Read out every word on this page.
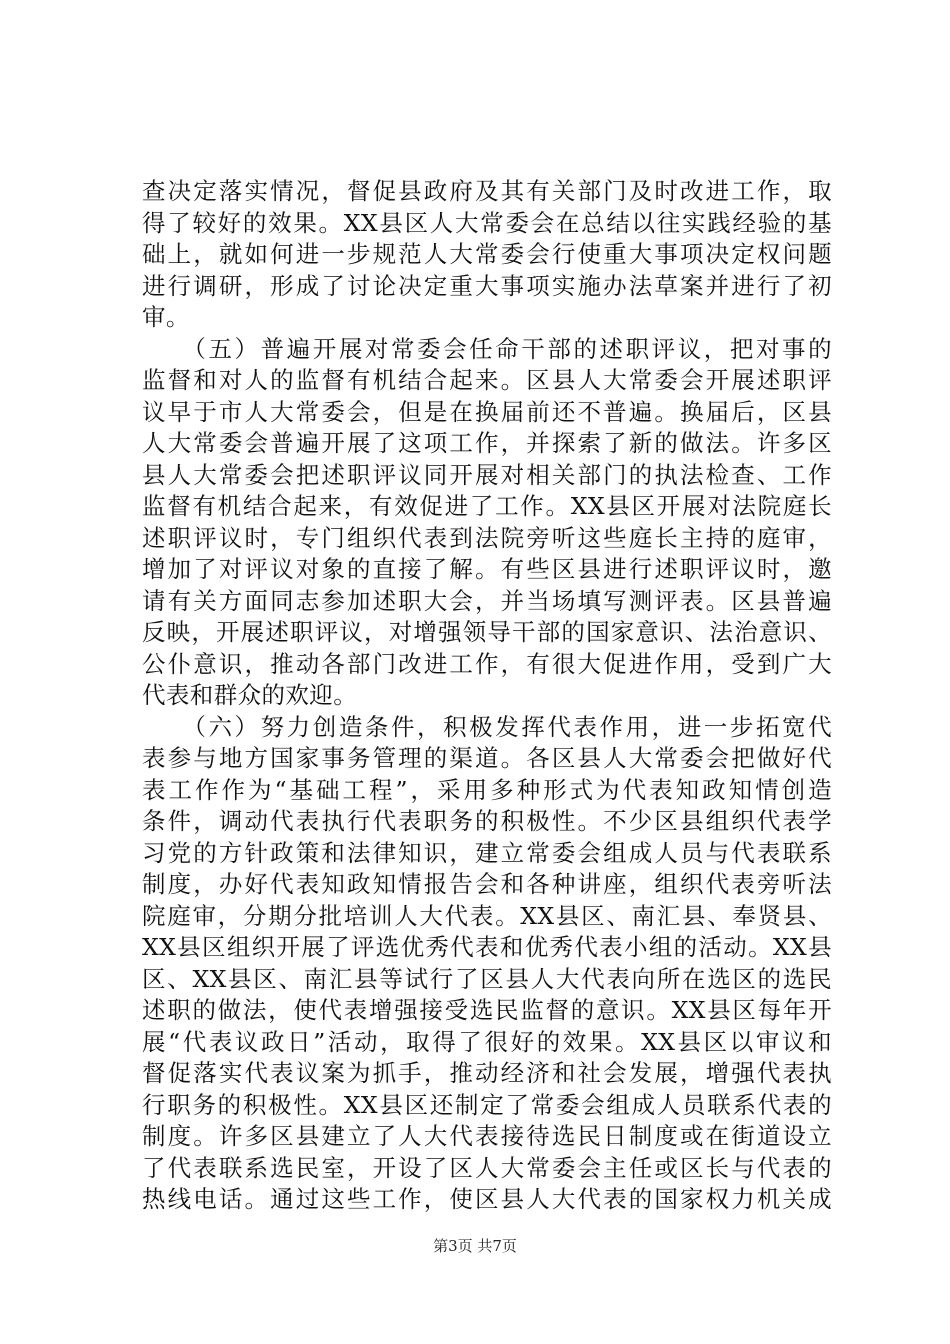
查决定落实情况，督促县政府及其有关部门及时改进工作，取
得了较好的效果。XX县区人大常委会在总结以往实践经验的基
础上，就如何进一步规范人大常委会行使重大事项决定权问题
进行调研，形成了讨论决定重大事项实施办法草案并进行了初
审。
　　（五）普遍开展对常委会任命干部的述职评议，把对事的
监督和对人的监督有机结合起来。区县人大常委会开展述职评
议早于市人大常委会，但是在换届前还不普遍。换届后，区县
人大常委会普遍开展了这项工作，并探索了新的做法。许多区
县人大常委会把述职评议同开展对相关部门的执法检查、工作
监督有机结合起来，有效促进了工作。XX县区开展对法院庭长
述职评议时，专门组织代表到法院旁听这些庭长主持的庭审，
增加了对评议对象的直接了解。有些区县进行述职评议时，邀
请有关方面同志参加述职大会，并当场填写测评表。区县普遍
反映，开展述职评议，对增强领导干部的国家意识、法治意识、
公仆意识，推动各部门改进工作，有很大促进作用，受到广大
代表和群众的欢迎。
　　（六）努力创造条件，积极发挥代表作用，进一步拓宽代
表参与地方国家事务管理的渠道。各区县人大常委会把做好代
表工作作为“基础工程”，采用多种形式为代表知政知情创造
条件，调动代表执行代表职务的积极性。不少区县组织代表学
习党的方针政策和法律知识，建立常委会组成人员与代表联系
制度，办好代表知政知情报告会和各种讲座，组织代表旁听法
院庭审，分期分批培训人大代表。XX县区、南汇县、奉贤县、
XX县区组织开展了评选优秀代表和优秀代表小组的活动。XX县
区、XX县区、南汇县等试行了区县人大代表向所在选区的选民
述职的做法，使代表增强接受选民监督的意识。XX县区每年开
展“代表议政日”活动，取得了很好的效果。XX县区以审议和
督促落实代表议案为抓手，推动经济和社会发展，增强代表执
行职务的积极性。XX县区还制定了常委会组成人员联系代表的
制度。许多区县建立了人大代表接待选民日制度或在街道设立
了代表联系选民室，开设了区人大常委会主任或区长与代表的
热线电话。通过这些工作，使区县人大代表的国家权力机关成
第3页 共7页
